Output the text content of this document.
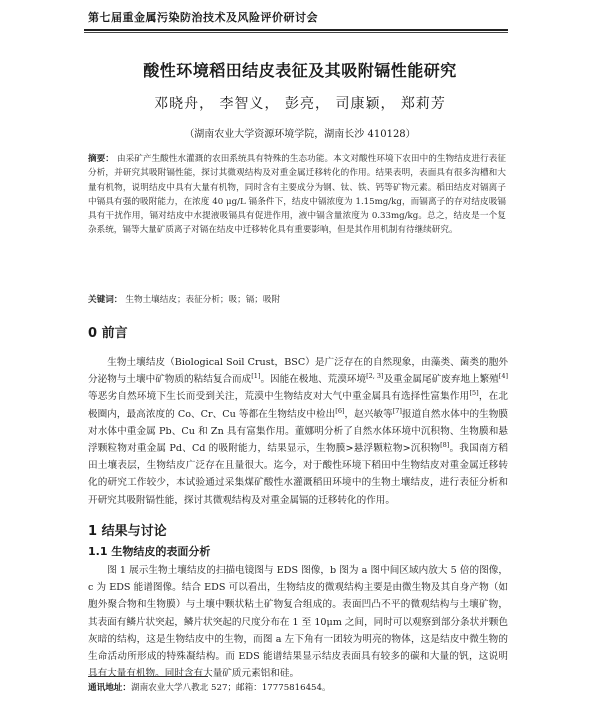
第七届重金属污染防治技术及风险评价研讨会
酸性环境稻田结皮表征及其吸附镉性能研究
邓晓舟， 李智义， 彭亮， 司康颖， 郑莉芳
（湖南农业大学资源环境学院，湖南长沙 410128）
摘要： 由采矿产生酸性水灌溉的农田系统具有特殊的生态功能。本文对酸性环境下农田中的生物结皮进行表征分析，并研究其吸附镉性能，探讨其微观结构及对重金属迁移转化的作用。结果表明，表面具有很多沟槽和大量有机物，说明结皮中具有大量有机物，同时含有主要成分为钢、钛、铁、钙等矿物元素。稻田结皮对镉离子中镉具有强的吸附能力，在浓度 40 μg/L 镉条件下，结皮中镉浓度为 1.15mg/kg，而镉离子的存对结皮吸镉具有干扰作用，镉对结皮中水提液吸镉具有促进作用，液中镉含量浓度为 0.33mg/kg。总之，结皮是一个复杂系统，镉等大量矿质离子对镉在结皮中迁移转化具有重要影响，但是其作用机制有待继续研究。
关键词： 生物土壤结皮；表征分析；吸；镉；吸附
0 前言
生物土壤结皮（Biological Soil Crust，BSC）是广泛存在的自然现象，由藻类、菌类的胞外分泌物与土壤中矿物质的粘结复合而成[1]。因能在极地、荒漠环境[2, 3]及重金属尾矿废弃地上繁殖[4]等恶劣自然环境下生长而受到关注，荒漠中生物结皮对大气中重金属具有选择性富集作用[5]，在北极圈内，最高浓度的 Co、Cr、Cu 等都在生物结皮中检出[6]，赵兴敏等[7]报道自然水体中的生物膜对水体中重金属 Pb、Cu 和 Zn 具有富集作用。董娜明分析了自然水体环境中沉积物、生物膜和悬浮颗粒物对重金属 Pd、Cd 的吸附能力，结果显示，生物膜>悬浮颗粒物>沉积物[8]。我国南方稻田土壤表层，生物结皮广泛存在且量很大。迄今，对于酸性环境下稻田中生物结皮对重金属迁移转化的研究工作较少，本试验通过采集煤矿酸性水灌溉稻田环境中的生物土壤结皮，进行表征分析和开研究其吸附镉性能，探讨其微观结构及对重金属镉的迁移转化的作用。
1 结果与讨论
1.1 生物结皮的表面分析
图 1 展示生物土壤结皮的扫描电镜图与 EDS 图像，b 图为 a 图中间区域内放大 5 倍的图像，c 为 EDS 能谱图像。结合 EDS 可以看出，生物结皮的微观结构主要是由微生物及其自身产物（如胞外聚合物和生物膜）与土壤中颗状粘土矿物复合组成的。表面凹凸不平的微观结构与土壤矿物，其表面有鳞片状突起，鳞片状突起的尺度分布在 1 至 10μm 之间，同时可以观察到部分条状并颗色灰暗的结构，这是生物结皮中的生物，而图 a 左下角有一团较为明亮的物体，这是结皮中微生物的生命活动所形成的特殊凝结构。而 EDS 能谱结果显示结皮表面具有较多的碳和大量的钒，这说明具有大量有机物。同时含有大量矿质元素铝和硅。
通讯地址：湖南农业大学八教北 527；邮箱：17775816454。
